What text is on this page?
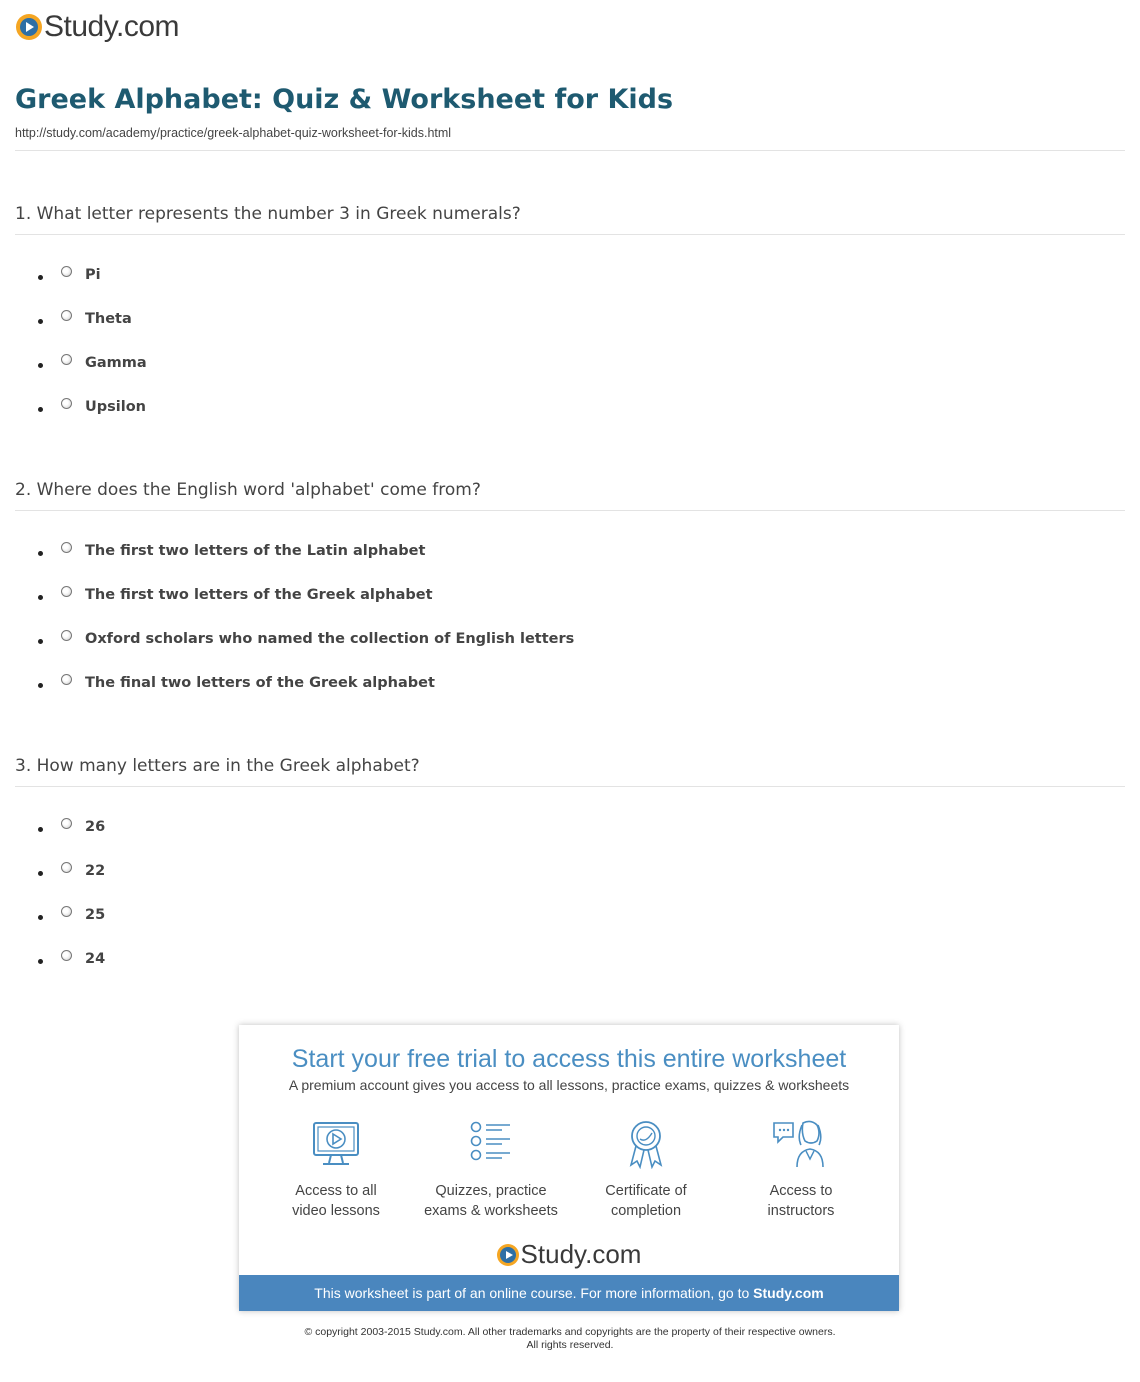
Study.com
Greek Alphabet: Quiz & Worksheet for Kids
http://study.com/academy/practice/greek-alphabet-quiz-worksheet-for-kids.html
1. What letter represents the number 3 in Greek numerals?
Pi
Theta
Gamma
Upsilon
2. Where does the English word 'alphabet' come from?
The first two letters of the Latin alphabet
The first two letters of the Greek alphabet
Oxford scholars who named the collection of English letters
The final two letters of the Greek alphabet
3. How many letters are in the Greek alphabet?
26
22
25
24
Start your free trial to access this entire worksheet
A premium account gives you access to all lessons, practice exams, quizzes & worksheets
Access to all
video lessons
Quizzes, practice
exams & worksheets
Certificate of
completion
Access to
instructors
Study.com
This worksheet is part of an online course. For more information, go to Study.com
© copyright 2003-2015 Study.com. All other trademarks and copyrights are the property of their respective owners.
All rights reserved.
